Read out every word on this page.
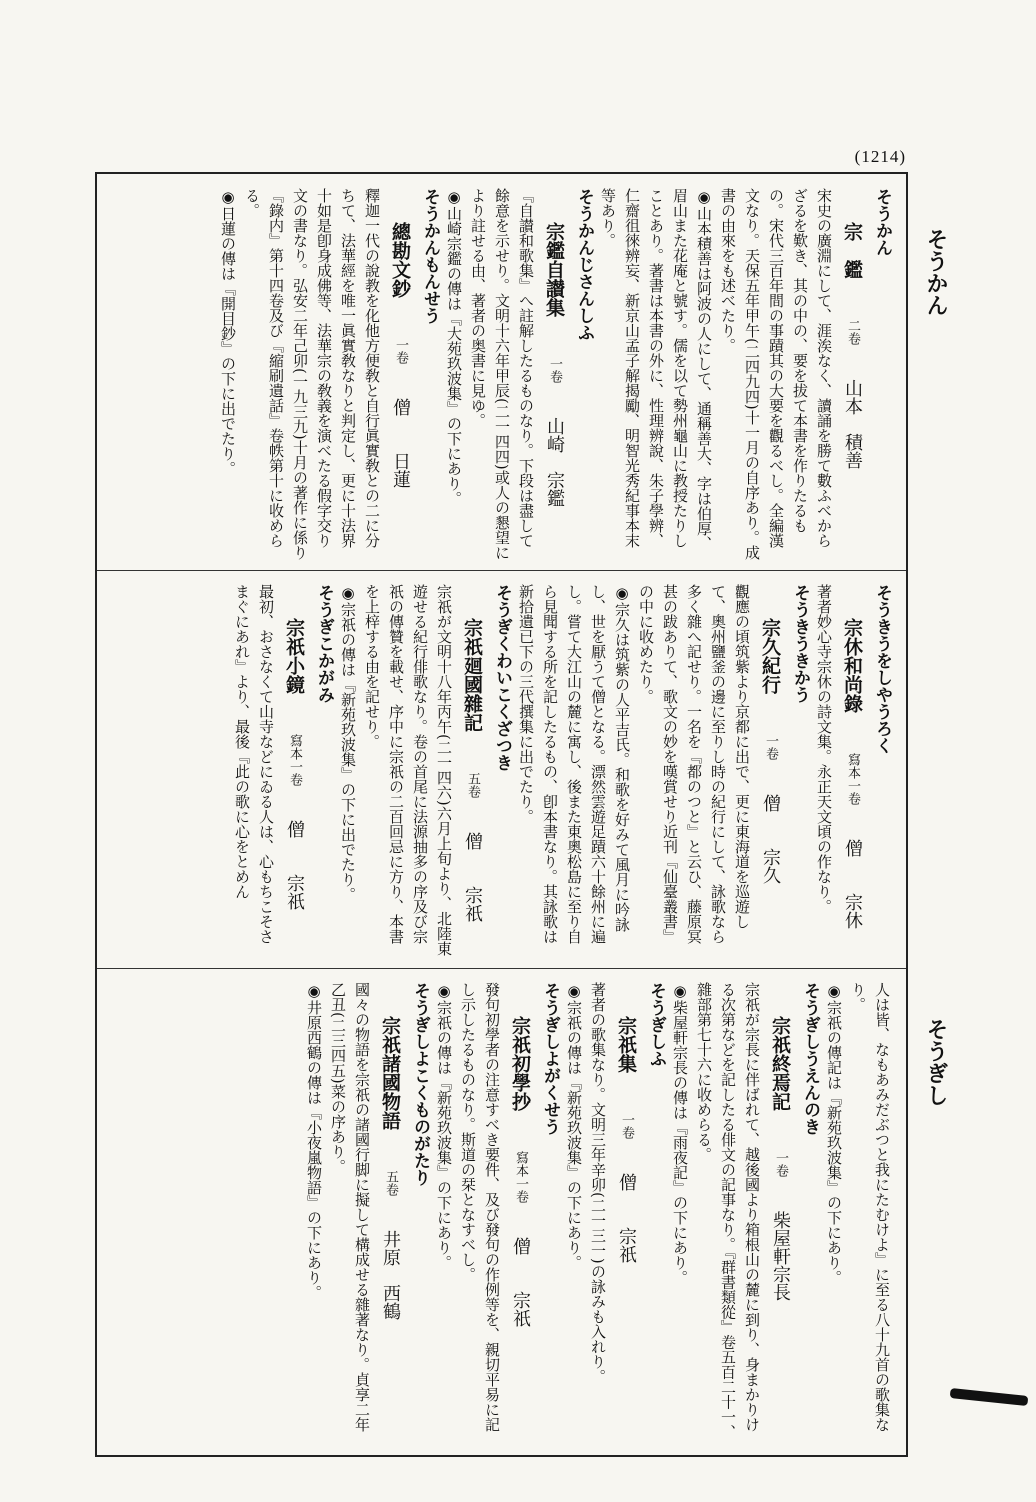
(1214)
そうかん
そうぎし
そうかん
宗　鑑二卷山本　積善
宋史の廣淵にして、涯涘なく、讀誦を勝て數ふべからざるを歎き、其の中の、要を拔て本書を作りたるもの。宋代三百年間の事蹟其の大要を觀るべし。全編漢文なり。天保五年甲午(二四九四)十一月の自序あり。成書の由來をも述べたり。
◉山本積善は阿波の人にして、通稱善大、字は伯厚、眉山また花庵と號す。儒を以て勢州龜山に教授たりしことあり。著書は本書の外に、性理辨說、朱子學辨、仁齋徂徠辨妄、新京山孟子解揭勵、明智光秀紀事本末等あり。
そうかんじさんしふ
宗鑑自讃集一卷山崎　宗鑑
『自讃和歌集』へ註解したるものなり。下段は盡して餘意を示せり。文明十六年甲辰(二一四四)或人の懇望により註せる由、著者の奥書に見ゆ。
◉山崎宗鑑の傳は『大苑玖波集』の下にあり。
そうかんもんせう
總勘文鈔一卷僧　　日蓮
釋迦一代の說教を化他方便敎と自行眞實敎との二に分ちて、法華經を唯一眞實敎なりと判定し、更に十法界十如是卽身成佛等、法華宗の敎義を演べたる假字交り文の書なり。弘安二年己卯(一九三九)十月の著作に係り『錄内』第十四卷及び『縮刷遺話』卷帙第十に收めらる。
◉日蓮の傳は『開目鈔』の下に出でたり。
そうきうをしやうろく
宗休和尚錄寫本一卷僧　　宗休
著者妙心寺宗休の詩文集。永正天文頃の作なり。
そうきうきかう
宗久紀行一卷僧　　宗久
觀應の頃筑紫より京都に出で、更に東海道を巡遊して、奧州鹽釜の邊に至りし時の紀行にして、詠歌なら多く雜へ記せり。一名を『都のつと』と云ひ、藤原冥甚の跋ありて、歌文の妙を嘆賞せり近刊『仙臺叢書』の中に收めたり。
◉宗久は筑紫の人平吉氏。和歌を好みて風月に吟詠し、世を厭うて僧となる。漂然雲遊足蹟六十餘州に遍し。嘗て大江山の麓に寓し、後また東奧松島に至り自ら見聞する所を記したるもの、卽本書なり。其詠歌は新拾遺已下の三代撰集に出でたり。
そうぎくわいこくざつき
宗祇廻國雜記五卷僧　　宗祇
宗祇が文明十八年丙午(二一四六)六月上旬より、北陸東遊せる紀行俳歌なり。卷の首尾に法源抽多の序及び宗祇の傳贊を載せ、序中に宗祇の二百回忌に方り、本書を上梓する由を記せり。
◉宗祇の傳は『新苑玖波集』の下に出でたり。
そうぎこかがみ
宗祇小鏡寫本一卷僧　　宗祇
最初、おさなくて山寺などにゐる人は、心もちこそさまぐにあれ』より、最後『此の歌に心をとめん
人は皆、なもあみだぶつと我にたむけよ』に至る八十九首の歌集なり。
◉宗祇の傳記は『新苑玖波集』の下にあり。
そうぎしうえんのき
宗祇終焉記一卷柴屋軒宗長
宗祇が宗長に伴ばれて、越後國より箱根山の麓に到り、身まかりける次第などを記したる俳文の記事なり。『群書類從』卷五百二十一、雜部第七十六に收めらる。
◉柴屋軒宗長の傳は『雨夜記』の下にあり。
そうぎしふ
宗祇集一卷僧　　宗祇
著者の歌集なり。文明三年辛卯(二一三一)の詠みも入れり。
◉宗祇の傳は『新苑玖波集』の下にあり。
そうぎしよがくせう
宗祇初學抄寫本一卷僧　　宗祇
發句初學者の注意すべき要件、及び發句の作例等を、親切平易に記し示したるものなり。斯道の栞となすべし。
◉宗祇の傳は『新苑玖波集』の下にあり。
そうぎしよこくものがたり
宗祇諸國物語五卷井原　西鶴
國々の物語を宗祇の諸國行脚に擬して構成せる雜著なり。貞享二年乙丑(二三四五)菜の序あり。
◉井原西鶴の傳は『小夜嵐物語』の下にあり。
